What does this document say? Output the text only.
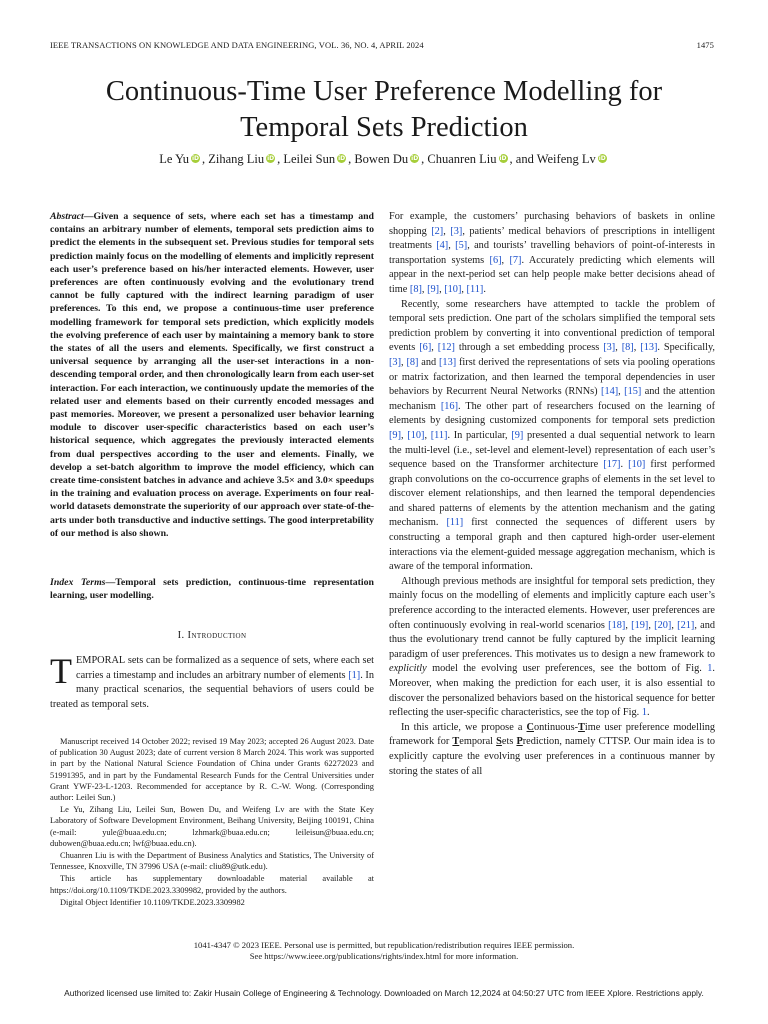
IEEE TRANSACTIONS ON KNOWLEDGE AND DATA ENGINEERING, VOL. 36, NO. 4, APRIL 2024	1475
Continuous-Time User Preference Modelling for
Temporal Sets Prediction
Le Yu iD , Zihang Liu iD , Leilei Sun iD , Bowen Du iD , Chuanren Liu iD , and Weifeng Lv iD

Abstract—Given a sequence of sets, where each set has a timestamp and contains an arbitrary number of elements, temporal sets prediction aims to predict the elements in the subsequent set. Previous studies for temporal sets prediction mainly focus on the modelling of elements and implicitly represent each user’s preference based on his/her interacted elements. However, user preferences are often continuously evolving and the evolutionary trend cannot be fully captured with the indirect learning paradigm of user preferences. To this end, we propose a continuous-time user preference modelling framework for temporal sets prediction, which explicitly models the evolving preference of each user by maintaining a memory bank to store the states of all the users and elements. Specifically, we first construct a universal sequence by arranging all the user-set interactions in a non-descending temporal order, and then chronologically learn from each user-set interaction. For each interaction, we continuously update the memories of the related user and elements based on their currently encoded messages and past memories. Moreover, we present a personalized user behavior learning module to discover user-specific characteristics based on each user’s historical sequence, which aggregates the previously interacted elements from dual perspectives according to the user and elements. Finally, we develop a set-batch algorithm to improve the model efficiency, which can create time-consistent batches in advance and achieve 3.5× and 3.0× speedups in the training and evaluation process on average. Experiments on four real-world datasets demonstrate the superiority of our approach over state-of-the-arts under both transductive and inductive settings. The good interpretability of our method is also shown.

Index Terms—Temporal sets prediction, continuous-time representation learning, user modelling.

I. Introduction

TEMPORAL sets can be formalized as a sequence of sets, where each set carries a timestamp and includes an arbitrary number of elements [1]. In many practical scenarios, the sequential behaviors of users could be treated as temporal sets.

Manuscript received 14 October 2022; revised 19 May 2023; accepted 26 August 2023. Date of publication 30 August 2023; date of current version 8 March 2024. This work was supported in part by the National Natural Science Foundation of China under Grants 62272023 and 51991395, and in part by the Fundamental Research Funds for the Central Universities under Grant YWF-23-L-1203. Recommended for acceptance by R. C.-W. Wong. (Corresponding author: Leilei Sun.)

Le Yu, Zihang Liu, Leilei Sun, Bowen Du, and Weifeng Lv are with the State Key Laboratory of Software Development Environment, Beihang University, Beijing 100191, China (e-mail: yule@buaa.edu.cn; lzhmark@buaa.edu.cn; leileisun@buaa.edu.cn; dubowen@buaa.edu.cn; lwf@buaa.edu.cn).

Chuanren Liu is with the Department of Business Analytics and Statistics, The University of Tennessee, Knoxville, TN 37996 USA (e-mail: cliu89@utk.edu).

This article has supplementary downloadable material available at https://doi.org/10.1109/TKDE.2023.3309982, provided by the authors.

Digital Object Identifier 10.1109/TKDE.2023.3309982

For example, the customers’ purchasing behaviors of baskets in online shopping [2], [3], patients’ medical behaviors of prescriptions in intelligent treatments [4], [5], and tourists’ travelling behaviors of point-of-interests in transportation systems [6], [7]. Accurately predicting which elements will appear in the next-period set can help people make better decisions ahead of time [8], [9], [10], [11].

Recently, some researchers have attempted to tackle the problem of temporal sets prediction. One part of the scholars simplified the temporal sets prediction problem by converting it into conventional prediction of temporal events [6], [12] through a set embedding process [3], [8], [13]. Specifically, [3], [8] and [13] first derived the representations of sets via pooling operations or matrix factorization, and then learned the temporal dependencies in user behaviors by Recurrent Neural Networks (RNNs) [14], [15] and the attention mechanism [16]. The other part of researchers focused on the learning of elements by designing customized components for temporal sets prediction [9], [10], [11]. In particular, [9] presented a dual sequential network to learn the multi-level (i.e., set-level and element-level) representation of each user’s sequence based on the Transformer architecture [17]. [10] first performed graph convolutions on the co-occurrence graphs of elements in the set level to discover element relationships, and then learned the temporal dependencies and shared patterns of elements by the attention mechanism and the gating mechanism. [11] first connected the sequences of different users by constructing a temporal graph and then captured high-order user-element interactions via the element-guided message aggregation mechanism, which is aware of the temporal information.

Although previous methods are insightful for temporal sets prediction, they mainly focus on the modelling of elements and implicitly capture each user’s preference according to the interacted elements. However, user preferences are often continuously evolving in real-world scenarios [18], [19], [20], [21], and thus the evolutionary trend cannot be fully captured by the implicit learning paradigm of user preferences. This motivates us to design a new framework to explicitly model the evolving user preferences, see the bottom of Fig. 1. Moreover, when making the prediction for each user, it is also essential to discover the personalized behaviors based on the historical sequence for better reflecting the user-specific characteristics, see the top of Fig. 1.

In this article, we propose a Continuous-Time user preference modelling framework for Temporal Sets Prediction, namely CTTSP. Our main idea is to explicitly capture the evolving user preferences in a continuous manner by storing the states of all

1041-4347 © 2023 IEEE. Personal use is permitted, but republication/redistribution requires IEEE permission.
See https://www.ieee.org/publications/rights/index.html for more information.
Authorized licensed use limited to: Zakir Husain College of Engineering & Technology. Downloaded on March 12,2024 at 04:50:27 UTC from IEEE Xplore. Restrictions apply.
